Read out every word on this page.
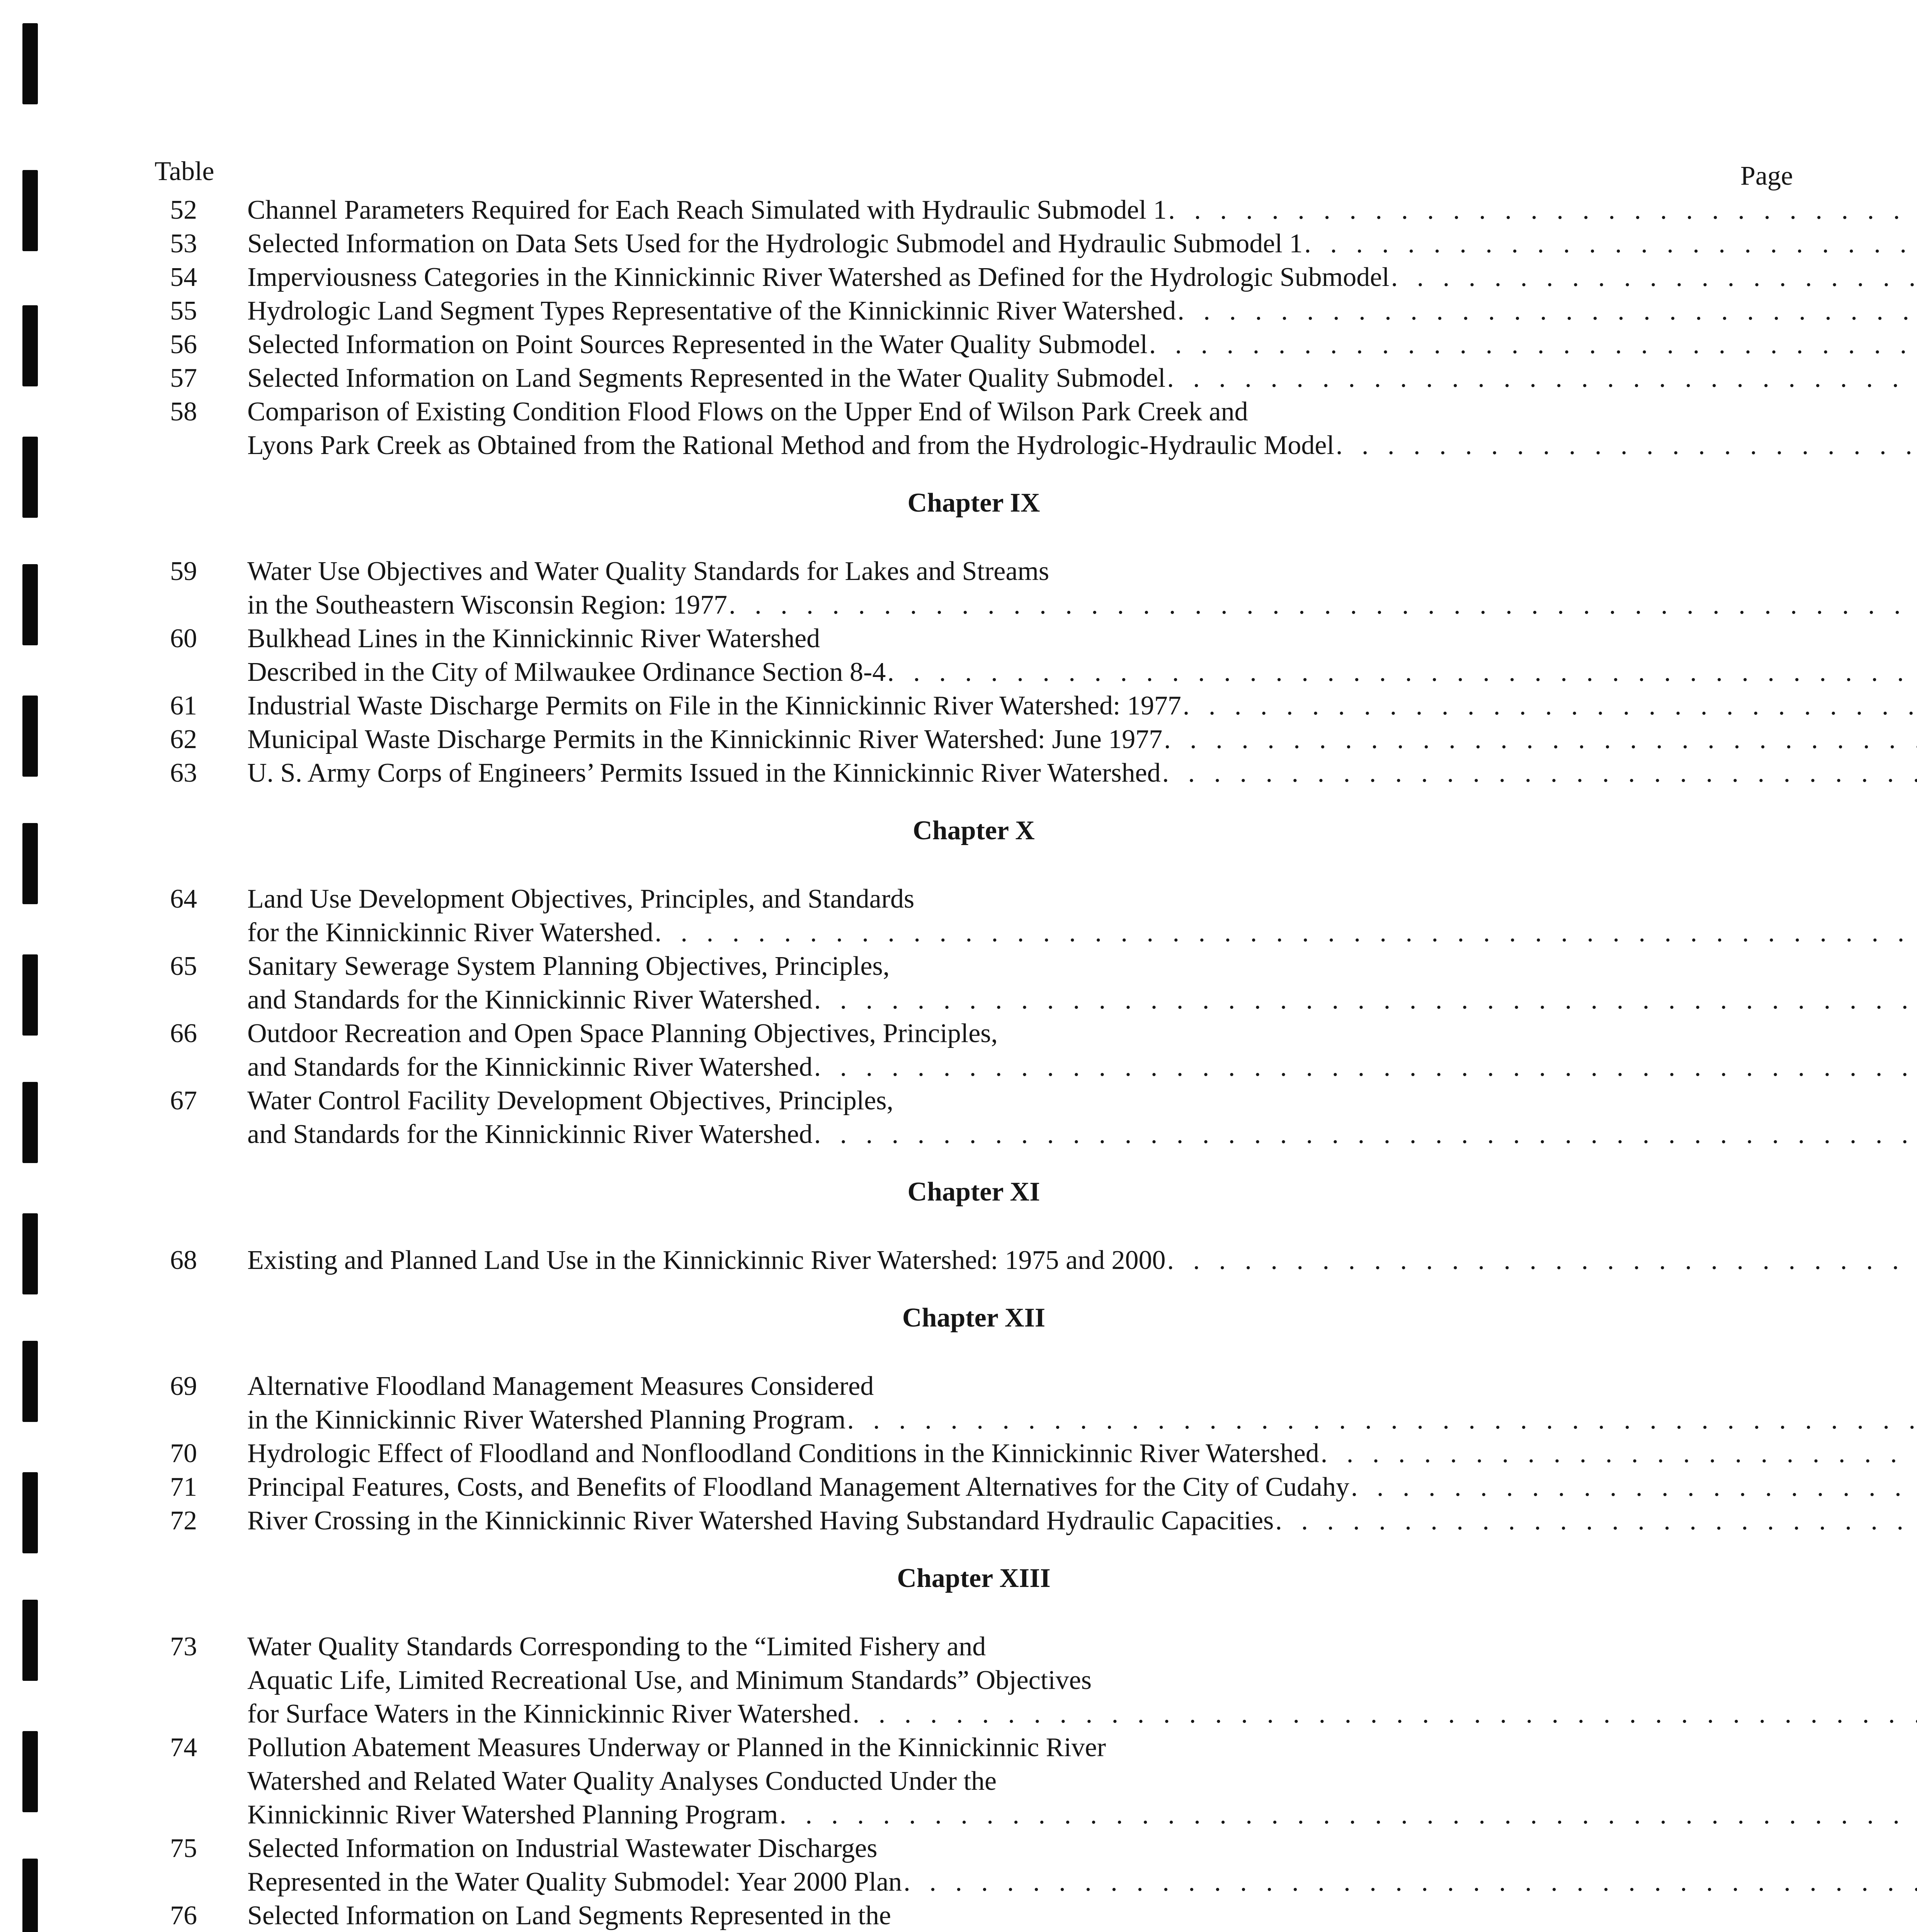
Table	Page
52	Channel Parameters Required for Each Reach Simulated with Hydraulic Submodel 1
. . .
53	Selected Information on Data Sets Used for the Hydrologic Submodel and Hydraulic Submodel 1
. . .
54	Imperviousness Categories in the Kinnickinnic River Watershed as Defined for the Hydrologic Submodel
. . .
55	Hydrologic Land Segment Types Representative of the Kinnickinnic River Watershed
. . .
56	Selected Information on Point Sources Represented in the Water Quality Submodel
. . .
57	Selected Information on Land Segments Represented in the Water Quality Submodel
. . .
58	Comparison of Existing Condition Flood Flows on the Upper End of Wilson Park Creek and
Lyons Park Creek as Obtained from the Rational Method and from the Hydrologic-Hydraulic Model
. . .
Chapter IX
59	Water Use Objectives and Water Quality Standards for Lakes and Streams
in the Southeastern Wisconsin Region: 1977
. . .
60	Bulkhead Lines in the Kinnickinnic River Watershed
Described in the City of Milwaukee Ordinance Section 8-4
. . .
61	Industrial Waste Discharge Permits on File in the Kinnickinnic River Watershed: 1977
. . .
62	Municipal Waste Discharge Permits in the Kinnickinnic River Watershed: June 1977
. . .
63	U. S. Army Corps of Engineers’ Permits Issued in the Kinnickinnic River Watershed
. . .
Chapter X
64	Land Use Development Objectives, Principles, and Standards
for the Kinnickinnic River Watershed
. . .
65	Sanitary Sewerage System Planning Objectives, Principles,
and Standards for the Kinnickinnic River Watershed
. . .
66	Outdoor Recreation and Open Space Planning Objectives, Principles,
and Standards for the Kinnickinnic River Watershed
. . .
67	Water Control Facility Development Objectives, Principles,
and Standards for the Kinnickinnic River Watershed
. . .
Chapter XI
68	Existing and Planned Land Use in the Kinnickinnic River Watershed: 1975 and 2000
. . .
Chapter XII
69	Alternative Floodland Management Measures Considered
in the Kinnickinnic River Watershed Planning Program
. . .
70	Hydrologic Effect of Floodland and Nonfloodland Conditions in the Kinnickinnic River Watershed
. . .
71	Principal Features, Costs, and Benefits of Floodland Management Alternatives for the City of Cudahy
. . .
72	River Crossing in the Kinnickinnic River Watershed Having Substandard Hydraulic Capacities
. . .
Chapter XIII
73	Water Quality Standards Corresponding to the “Limited Fishery and
Aquatic Life, Limited Recreational Use, and Minimum Standards” Objectives
for Surface Waters in the Kinnickinnic River Watershed
. . .
74	Pollution Abatement Measures Underway or Planned in the Kinnickinnic River
Watershed and Related Water Quality Analyses Conducted Under the
Kinnickinnic River Watershed Planning Program
. . .
75	Selected Information on Industrial Wastewater Discharges
Represented in the Water Quality Submodel: Year 2000 Plan
. . .
76	Selected Information on Land Segments Represented in the
